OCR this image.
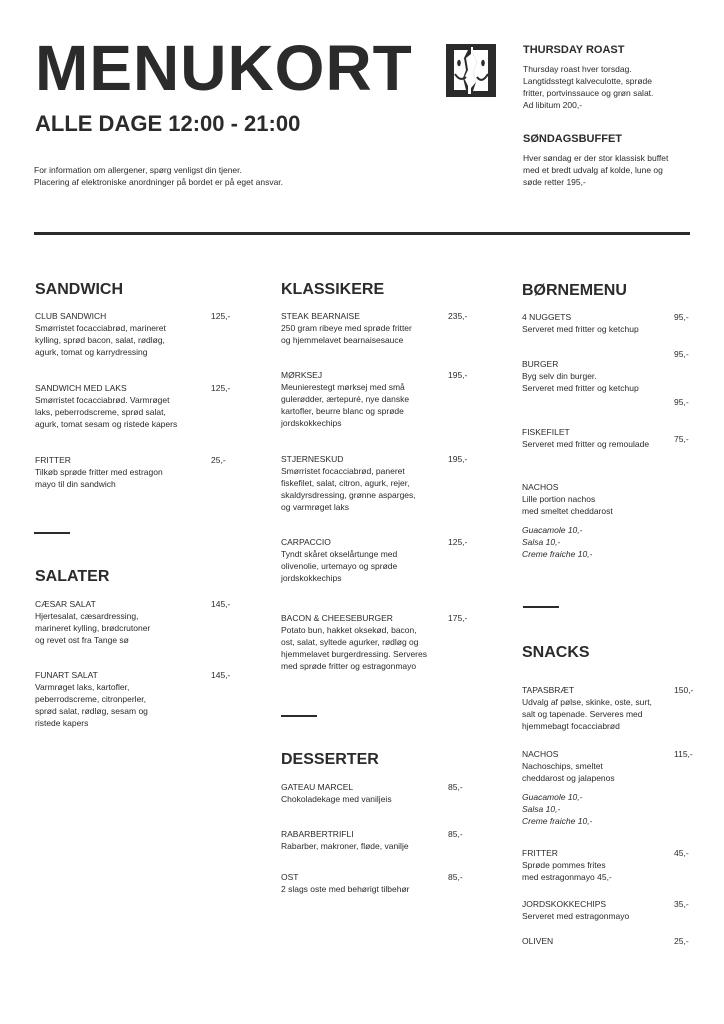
MENUKORT
ALLE DAGE 12:00 - 21:00
For information om allergener, spørg venligst din tjener.
Placering af elektroniske anordninger på bordet er på eget ansvar.
THURSDAY ROAST
Thursday roast hver torsdag.
Langtidsstegt kalveculotte, sprøde
fritter, portvinssauce og grøn salat.
Ad libitum 200,-
SØNDAGSBUFFET
Hver søndag er der stor klassisk buffet
med et bredt udvalg af kolde, lune og
søde retter 195,-
SANDWICH
CLUB SANDWICH
Smørristet focacciabrød, marineret
kylling, sprød bacon, salat, rødløg,
agurk, tomat og karrydressing
125,-
SANDWICH MED LAKS
Smørristet focacciabrød. Varmrøget
laks, peberrodscreme, sprød salat,
agurk, tomat sesam og ristede kapers
125,-
FRITTER
Tilkøb sprøde fritter med estragon
mayo til din sandwich
25,-
SALATER
CÆSAR SALAT
Hjertesalat, cæsardressing,
marineret kylling, brødcrutoner
og revet ost fra Tange sø
145,-
FUNART SALAT
Varmrøget laks, kartofler,
peberrodscreme, citronperler,
sprød salat, rødløg, sesam og
ristede kapers
145,-
KLASSIKERE
STEAK BEARNAISE
250 gram ribeye med sprøde fritter
og hjemmelavet bearnaisesauce
235,-
MØRKSEJ
Meunierestegt mørksej med små
gulerødder, ærtepuré, nye danske
kartofler, beurre blanc og sprøde
jordskokkechips
195,-
STJERNESKUD
Smørristet focacciabrød, paneret
fiskefilet, salat, citron, agurk, rejer,
skaldyrsdressing, grønne asparges,
og varmrøget laks
195,-
CARPACCIO
Tyndt skåret okselårtunge med
olivenolie, urtemayo og sprøde
jordskokkechips
125,-
BACON & CHEESEBURGER
Potato bun, hakket oksekød, bacon,
ost, salat, syltede agurker, rødløg og
hjemmelavet burgerdressing. Serveres
med sprøde fritter og estragonmayo
175,-
DESSERTER
GATEAU MARCEL
Chokoladekage med vaniljeis
85,-
RABARBERTRIFLI
Rabarber, makroner, fløde, vanilje
85,-
OST
2 slags oste med behørigt tilbehør
85,-
BØRNEMENU
4 NUGGETS
Serveret med fritter og ketchup
95,-
95,-
BURGER
Byg selv din burger.
Serveret med fritter og ketchup
95,-
FISKEFILET
Serveret med fritter og remoulade	75,-
NACHOS
Lille portion nachos
med smeltet cheddarost
Guacamole 10,-
Salsa 10,-
Creme fraiche 10,-
SNACKS
TAPASBRÆT
Udvalg af pølse, skinke, oste, surt,
salt og tapenade. Serveres med
hjemmebagt focacciabrød
150,-
NACHOS
Nachoschips, smeltet
cheddarost og jalapenos
Guacamole 10,-
Salsa 10,-
Creme fraiche 10,-
115,-
FRITTER
Sprøde pommes frites
med estragonmayo 45,-
45,-
JORDSKOKKECHIPS
Serveret med estragonmayo
35,-
OLIVEN	25,-
